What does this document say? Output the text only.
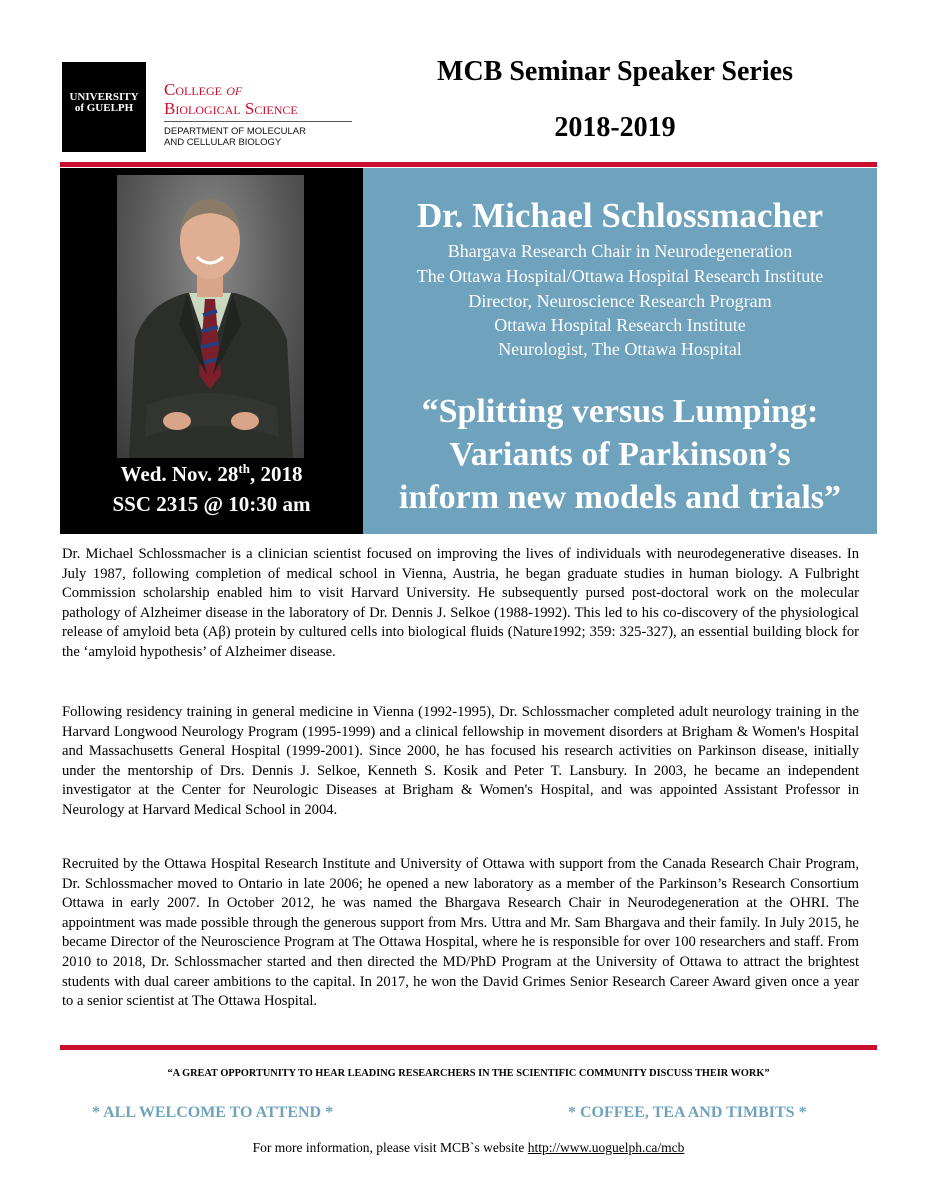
UNIVERSITY
of GUELPH
College of
Biological Science
DEPARTMENT OF MOLECULAR
AND CELLULAR BIOLOGY
MCB Seminar Speaker Series
2018-2019
Wed. Nov. 28th, 2018
SSC 2315 @ 10:30 am
Dr. Michael Schlossmacher
Bhargava Research Chair in Neurodegeneration
The Ottawa Hospital/Ottawa Hospital Research Institute
Director, Neuroscience Research Program
Ottawa Hospital Research Institute
Neurologist, The Ottawa Hospital
“Splitting versus Lumping:
Variants of Parkinson’s
inform new models and trials”

Dr. Michael Schlossmacher is a clinician scientist focused on improving the lives of individuals with neurodegenerative diseases. In July 1987, following completion of medical school in Vienna, Austria, he began graduate studies in human biology. A Fulbright Commission scholarship enabled him to visit Harvard University. He subsequently pursed post-doctoral work on the molecular pathology of Alzheimer disease in the laboratory of Dr. Dennis J. Selkoe (1988-1992). This led to his co-discovery of the physiological release of amyloid beta (Aβ) protein by cultured cells into biological fluids (Nature1992; 359: 325-327), an essential building block for the ‘amyloid hypothesis’ of Alzheimer disease.

Following residency training in general medicine in Vienna (1992-1995), Dr. Schlossmacher completed adult neurology training in the Harvard Longwood Neurology Program (1995-1999) and a clinical fellowship in movement disorders at Brigham & Women's Hospital and Massachusetts General Hospital (1999-2001). Since 2000, he has focused his research activities on Parkinson disease, initially under the mentorship of Drs. Dennis J. Selkoe, Kenneth S. Kosik and Peter T. Lansbury. In 2003, he became an independent investigator at the Center for Neurologic Diseases at Brigham & Women's Hospital, and was appointed Assistant Professor in Neurology at Harvard Medical School in 2004.

Recruited by the Ottawa Hospital Research Institute and University of Ottawa with support from the Canada Research Chair Program, Dr. Schlossmacher moved to Ontario in late 2006; he opened a new laboratory as a member of the Parkinson’s Research Consortium Ottawa in early 2007. In October 2012, he was named the Bhargava Research Chair in Neurodegeneration at the OHRI. The appointment was made possible through the generous support from Mrs. Uttra and Mr. Sam Bhargava and their family. In July 2015, he became Director of the Neuroscience Program at The Ottawa Hospital, where he is responsible for over 100 researchers and staff. From 2010 to 2018, Dr. Schlossmacher started and then directed the MD/PhD Program at the University of Ottawa to attract the brightest students with dual career ambitions to the capital. In 2017, he won the David Grimes Senior Research Career Award given once a year to a senior scientist at The Ottawa Hospital.

“A GREAT OPPORTUNITY TO HEAR LEADING RESEARCHERS IN THE SCIENTIFIC COMMUNITY DISCUSS THEIR WORK”
* ALL WELCOME TO ATTEND *	* COFFEE, TEA AND TIMBITS *
For more information, please visit MCB`s website http://www.uoguelph.ca/mcb
